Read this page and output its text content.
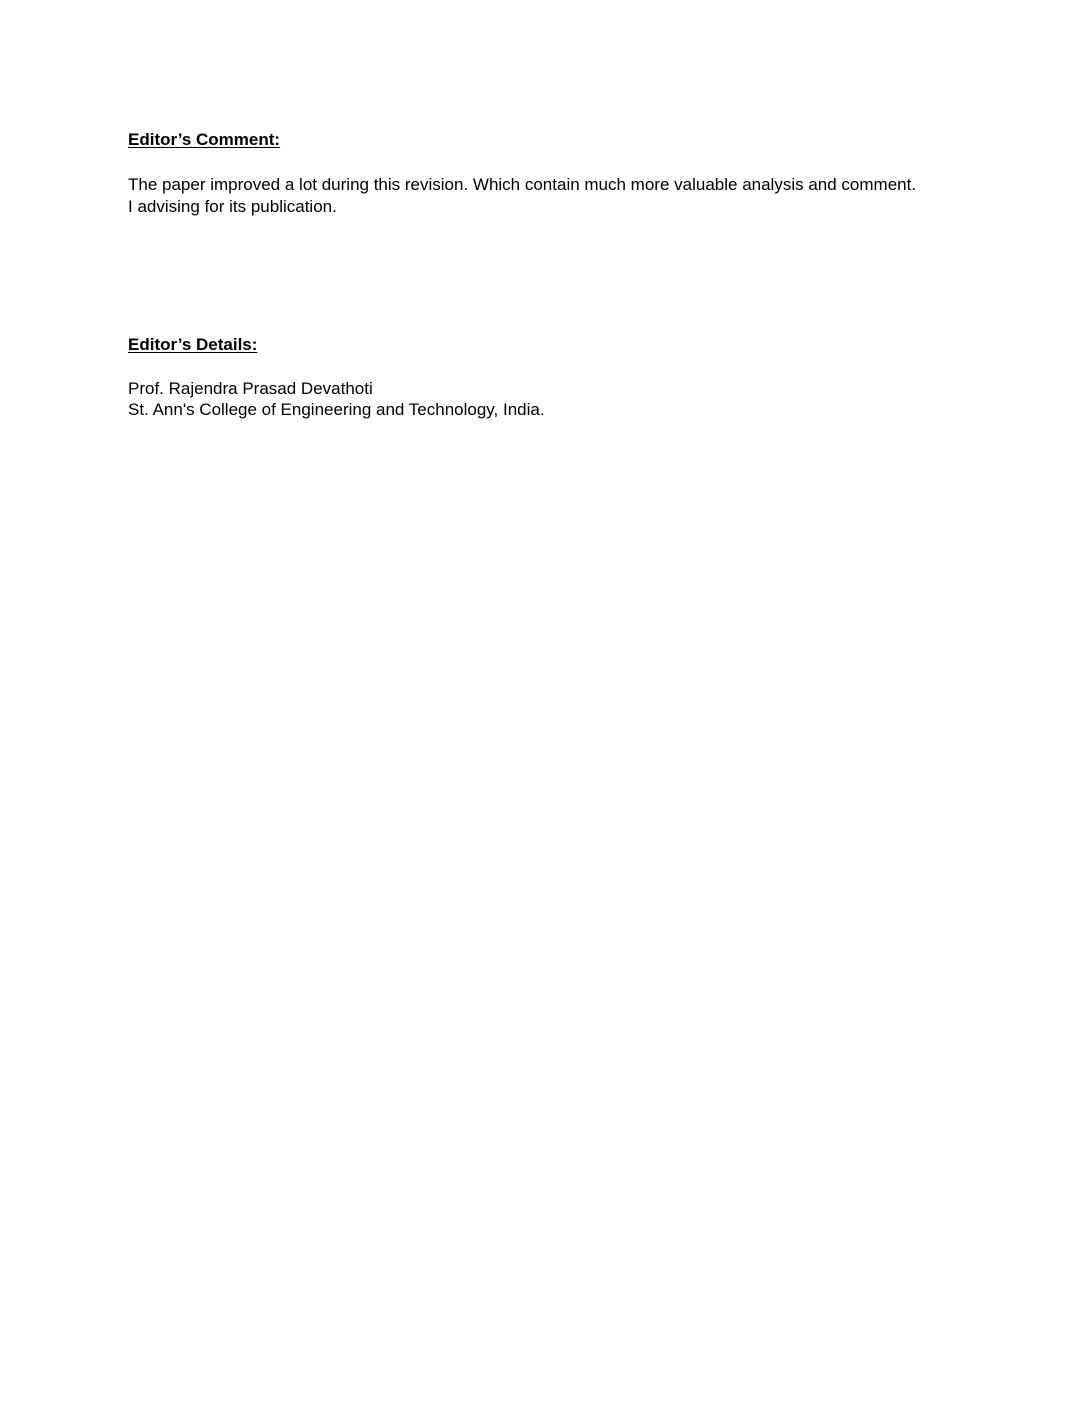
Editor’s Comment:
The paper improved a lot during this revision. Which contain much more valuable analysis and comment.
I advising for its publication.
Editor’s Details:
Prof. Rajendra Prasad Devathoti
St. Ann's College of Engineering and Technology, India.
